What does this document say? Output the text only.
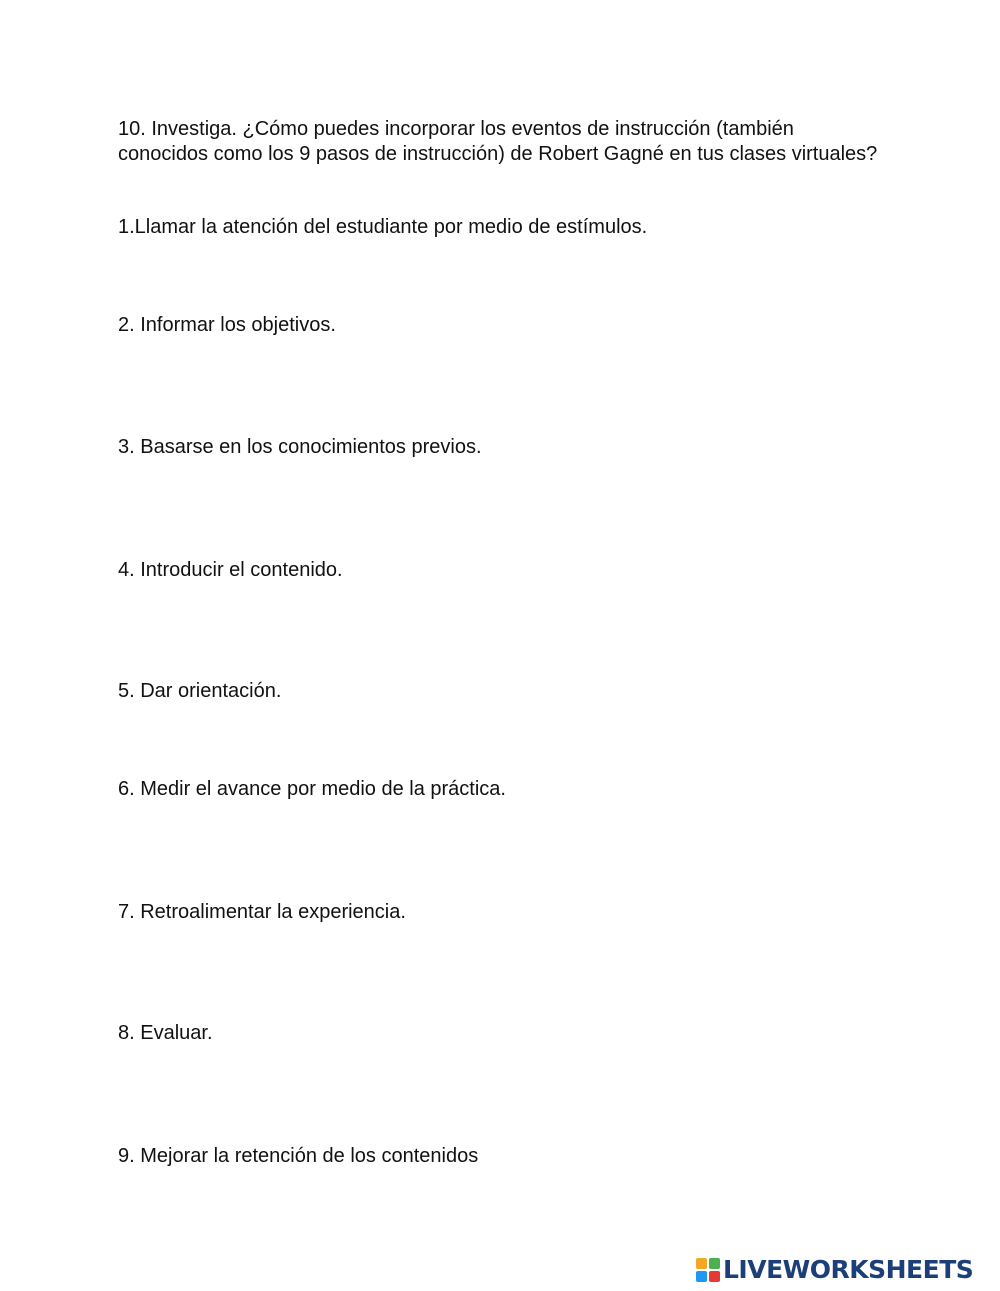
10. Investiga. ¿Cómo puedes incorporar los eventos de instrucción (también conocidos como los 9 pasos de instrucción) de Robert Gagné en tus clases virtuales?

1.Llamar la atención del estudiante por medio de estímulos.

2. Informar los objetivos.

3. Basarse en los conocimientos previos.

4. Introducir el contenido.

5. Dar orientación.

6. Medir el avance por medio de la práctica.

7. Retroalimentar la experiencia.

8. Evaluar.

9. Mejorar la retención de los contenidos

LIVEWORKSHEETS
